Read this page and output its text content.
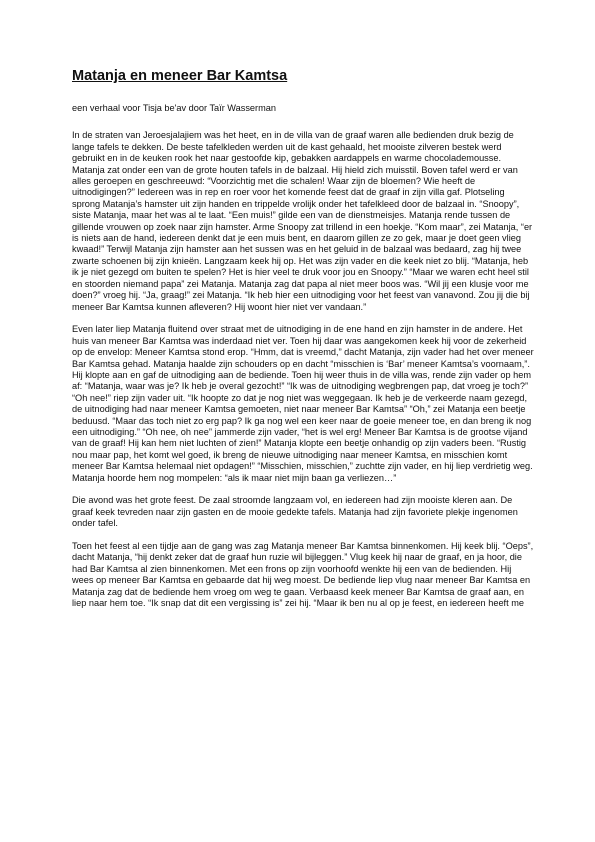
Matanja en meneer Bar Kamtsa

een verhaal voor Tisja be'av door Taïr Wasserman

In de straten van Jeroesjalajiem was het heet, en in de villa van de graaf waren alle bedienden druk bezig de lange tafels te dekken. De beste tafelkleden werden uit de kast gehaald, het mooiste zilveren bestek werd gebruikt en in de keuken rook het naar gestoofde kip, gebakken aardappels en warme chocolademousse. Matanja zat onder een van de grote houten tafels in de balzaal. Hij hield zich muisstil. Boven tafel werd er van alles geroepen en geschreeuwd: “Voorzichtig met die schalen! Waar zijn de bloemen? Wie heeft de uitnodigingen?” Iedereen was in rep en roer voor het komende feest dat de graaf in zijn villa gaf. Plotseling sprong Matanja’s hamster uit zijn handen en trippelde vrolijk onder het tafelkleed door de balzaal in. “Snoopy”, siste Matanja, maar het was al te laat. “Een muis!” gilde een van de dienstmeisjes. Matanja rende tussen de gillende vrouwen op zoek naar zijn hamster. Arme Snoopy zat trillend in een hoekje. “Kom maar”, zei Matanja, “er is niets aan de hand, iedereen denkt dat je een muis bent, en daarom gillen ze zo gek, maar je doet geen vlieg kwaad!” Terwijl Matanja zijn hamster aan het sussen was en het geluid in de balzaal was bedaard, zag hij twee zwarte schoenen bij zijn knieën. Langzaam keek hij op. Het was zijn vader en die keek niet zo blij. “Matanja, heb ik je niet gezegd om buiten te spelen? Het is hier veel te druk voor jou en Snoopy.” “Maar we waren echt heel stil en stoorden niemand papa” zei Matanja. Matanja zag dat papa al niet meer boos was. “Wil jij een klusje voor me doen?” vroeg hij. “Ja, graag!” zei Matanja. “Ik heb hier een uitnodiging voor het feest van vanavond. Zou jij die bij meneer Bar Kamtsa kunnen afleveren? Hij woont hier niet ver vandaan.”

Even later liep Matanja fluitend over straat met de uitnodiging in de ene hand en zijn hamster in de andere. Het huis van meneer Bar Kamtsa was inderdaad niet ver. Toen hij daar was aangekomen keek hij voor de zekerheid op de envelop: Meneer Kamtsa stond erop. “Hmm, dat is vreemd,” dacht Matanja, zijn vader had het over meneer Bar Kamtsa gehad. Matanja haalde zijn schouders op en dacht “misschien is ‘Bar’ meneer Kamtsa’s voornaam,”. Hij klopte aan en gaf de uitnodiging aan de bediende. Toen hij weer thuis in de villa was, rende zijn vader op hem af: “Matanja, waar was je? Ik heb je overal gezocht!” “Ik was de uitnodiging wegbrengen pap, dat vroeg je toch?” “Oh nee!” riep zijn vader uit. “Ik hoopte zo dat je nog niet was weggegaan. Ik heb je de verkeerde naam gezegd, de uitnodiging had naar meneer Kamtsa gemoeten, niet naar meneer Bar Kamtsa” “Oh,” zei Matanja een beetje beduusd. “Maar das toch niet zo erg pap? Ik ga nog wel een keer naar de goeie meneer toe, en dan breng ik nog een uitnodiging.” “Oh nee, oh nee” jammerde zijn vader, “het is wel erg! Meneer Bar Kamtsa is de grootse vijand van de graaf! Hij kan hem niet luchten of zien!” Matanja klopte een beetje onhandig op zijn vaders been. “Rustig nou maar pap, het komt wel goed, ik breng de nieuwe uitnodiging naar meneer Kamtsa, en misschien komt meneer Bar Kamtsa helemaal niet opdagen!” “Misschien, misschien,” zuchtte zijn vader, en hij liep verdrietig weg. Matanja hoorde hem nog mompelen: “als ik maar niet mijn baan ga verliezen…”

Die avond was het grote feest. De zaal stroomde langzaam vol, en iedereen had zijn mooiste kleren aan. De graaf keek tevreden naar zijn gasten en de mooie gedekte tafels. Matanja had zijn favoriete plekje ingenomen onder tafel.

Toen het feest al een tijdje aan de gang was zag Matanja meneer Bar Kamtsa binnenkomen. Hij keek blij. “Oeps”, dacht Matanja, “hij denkt zeker dat de graaf hun ruzie wil bijleggen.” Vlug keek hij naar de graaf, en ja hoor, die had Bar Kamtsa al zien binnenkomen. Met een frons op zijn voorhoofd wenkte hij een van de bedienden. Hij wees op meneer Bar Kamtsa en gebaarde dat hij weg moest. De bediende liep vlug naar meneer Bar Kamtsa en Matanja zag dat de bediende hem vroeg om weg te gaan. Verbaasd keek meneer Bar Kamtsa de graaf aan, en liep naar hem toe. “Ik snap dat dit een vergissing is” zei hij. “Maar ik ben nu al op je feest, en iedereen heeft me
